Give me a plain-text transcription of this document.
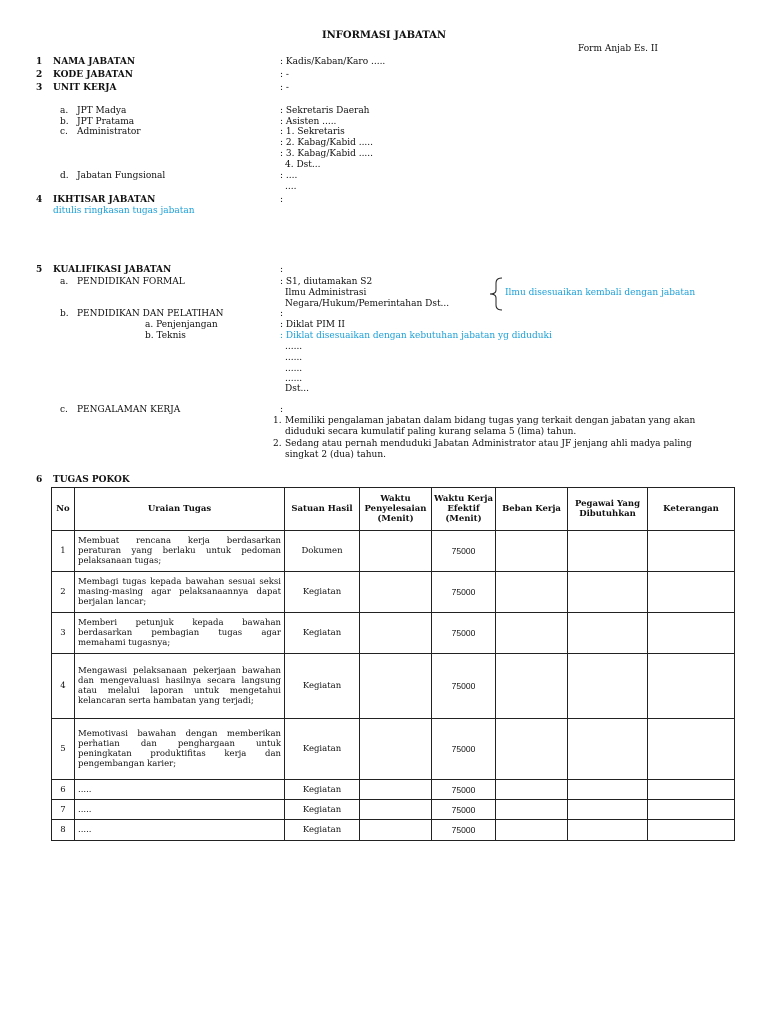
INFORMASI JABATAN
Form Anjab Es. II
1 NAMA JABATAN	: Kadis/Kaban/Karo .....
2 KODE JABATAN	: -
3 UNIT KERJA	: -
a. JPT Madya	: Sekretaris Daerah
b. JPT Pratama	: Asisten .....
c. Administrator	: 1. Sekretaris
: 2. Kabag/Kabid .....
: 3. Kabag/Kabid .....
4. Dst...
d. Jabatan Fungsional	: ....
....
4 IKHTISAR JABATAN	:
ditulis ringkasan tugas jabatan
5 KUALIFIKASI JABATAN	:
a. PENDIDIKAN FORMAL	: S1, diutamakan S2
Ilmu Administrasi
Negara/Hukum/Pemerintahan Dst...
Ilmu disesuaikan kembali dengan jabatan
b. PENDIDIKAN DAN PELATIHAN	:
a. Penjenjangan	: Diklat PIM II
b. Teknis	: Diklat disesuaikan dengan kebutuhan jabatan yg diduduki
......
......
......
......
Dst...
c. PENGALAMAN KERJA	:
1. Memiliki pengalaman jabatan dalam bidang tugas yang terkait dengan jabatan yang akan diduduki secara kumulatif paling kurang selama 5 (lima) tahun.
2. Sedang atau pernah menduduki Jabatan Administrator atau JF jenjang ahli madya paling singkat 2 (dua) tahun.
6 TUGAS POKOK
No	Uraian Tugas	Satuan Hasil	Waktu Penyelesaian (Menit)	Waktu Kerja Efektif (Menit)	Beban Kerja	Pegawai Yang Dibutuhkan	Keterangan
1	Membuat rencana kerja berdasarkan peraturan yang berlaku untuk pedoman pelaksanaan tugas;	Dokumen		75000			
2	Membagi tugas kepada bawahan sesuai seksi masing-masing agar pelaksanaannya dapat berjalan lancar;	Kegiatan		75000			
3	Memberi petunjuk kepada bawahan berdasarkan pembagian tugas agar memahami tugasnya;	Kegiatan		75000			
4	Mengawasi pelaksanaan pekerjaan bawahan dan mengevaluasi hasilnya secara langsung atau melalui laporan untuk mengetahui kelancaran serta hambatan yang terjadi;	Kegiatan		75000			
5	Memotivasi bawahan dengan memberikan perhatian dan penghargaan untuk peningkatan produktifitas kerja dan pengembangan karier;	Kegiatan		75000			
6	.....	Kegiatan		75000			
7	.....	Kegiatan		75000			
8	.....	Kegiatan		75000			
